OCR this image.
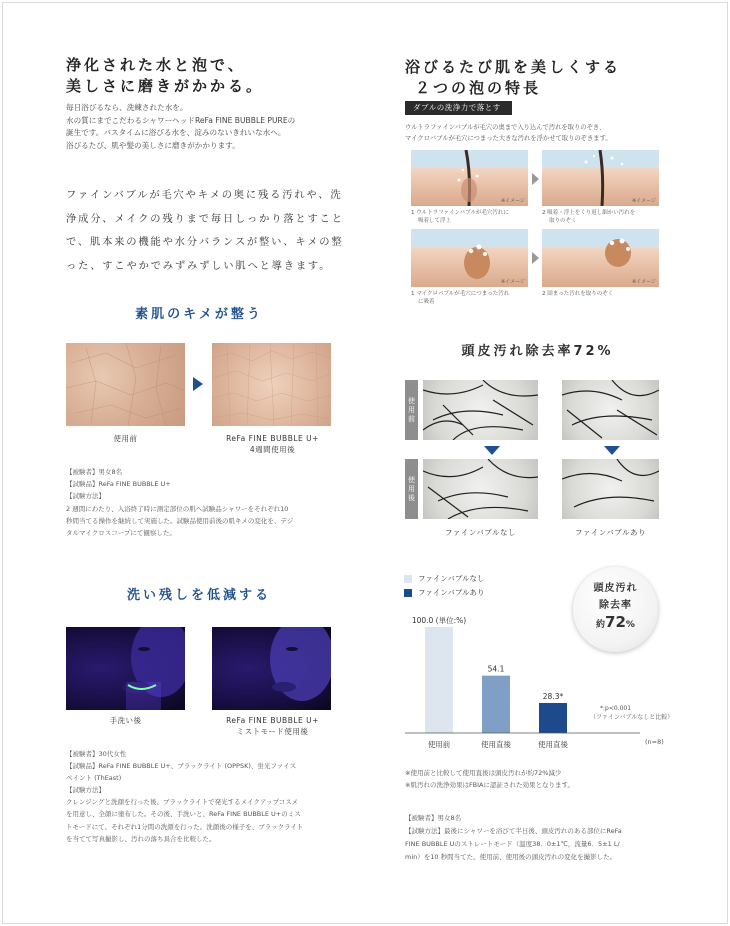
浄化された水と泡で、
美しさに磨きがかかる。
毎日浴びるなら、洗練された水を。
水の質にまでこだわるシャワーヘッドReFa FINE BUBBLE PUREの
誕生です。バスタイムに浴びる水を、淀みのないきれいな水へ。
浴びるたび、肌や髪の美しさに磨きがかかります。
ファインバブルが毛穴やキメの奥に残る汚れや、洗
浄成分、メイクの残りまで毎日しっかり落とすこと
で、肌本来の機能や水分バランスが整い、キメの整
った、すこやかでみずみずしい肌へと導きます。
素肌のキメが整う
使用前	ReFa FINE BUBBLE U+
4週間使用後
【被験者】男女8名
【試験品】ReFa FINE BUBBLE U+
【試験方法】
2 週間にわたり、入浴終了時に測定部位の肌へ試験品シャワーをそれぞれ10
秒間当てる操作を継続して実施した。試験品使用前後の肌キメの変化を、デジ
タルマイクロスコープにて観察した。
洗い残しを低減する
手洗い後	ReFa FINE BUBBLE U+
ミストモード使用後
【被験者】30代女性
【試験品】ReFa FINE BUBBLE U+、ブラックライト (OPPSK)、蛍光ファイス
ペイント (ThEast)
【試験方法】
クレンジングと洗顔を行った後、ブラックライトで発光するメイクアップコスメ
を用意し、全顔に塗布した。その後、手洗いと、ReFa FINE BUBBLE U+のミス
トモードにて、それぞれ1分間の洗顔を行った。洗顔後の様子を、ブラックライト
を当てて写真撮影し、汚れの落ち具合を比較した。
浴びるたび肌を美しくする
２つの泡の特長
ダブルの洗浄力で落とす
ウルトラファインバブルが毛穴の奥まで入り込んで汚れを取りのぞき、
マイクロバブルが毛穴につまった大きな汚れを浮かせて取りのぞきます。
※イメージ	※イメージ
1 ウルトラファインバブルが毛穴汚れに
吸着して浮上
2 吸着・浮上をくり返し細かい汚れを
取りのぞく
※イメージ	※イメージ
1 マイクロバブルが毛穴につまった汚れ
に吸着
2 固まった汚れを取りのぞく
頭皮汚れ除去率72%
使用前
使用後
ファインバブルなし	ファインバブルあり
ファインバブルなし
ファインバブルあり
100.0 (単位:%)
使用前
54.1
使用直後
28.3*
使用直後
頭皮汚れ
除去率
約72%
*:p<0.001
（ファインバブルなしと比較）
(n=8)
※使用前と比較して使用直後は頭皮汚れが約72%減少
※肌汚れの洗浄効果はFBIAに認証された効果となります。
【被験者】男女8名
【試験方法】最後にシャワーを浴びて半日後、頭皮汚れのある部位にReFa
FINE BUBBLE Uのストレートモード（温度38．0±1℃，流量6．5±1 L/
min）を10 秒間当てた。使用前、使用後の頭皮汚れの変化を撮影した。
